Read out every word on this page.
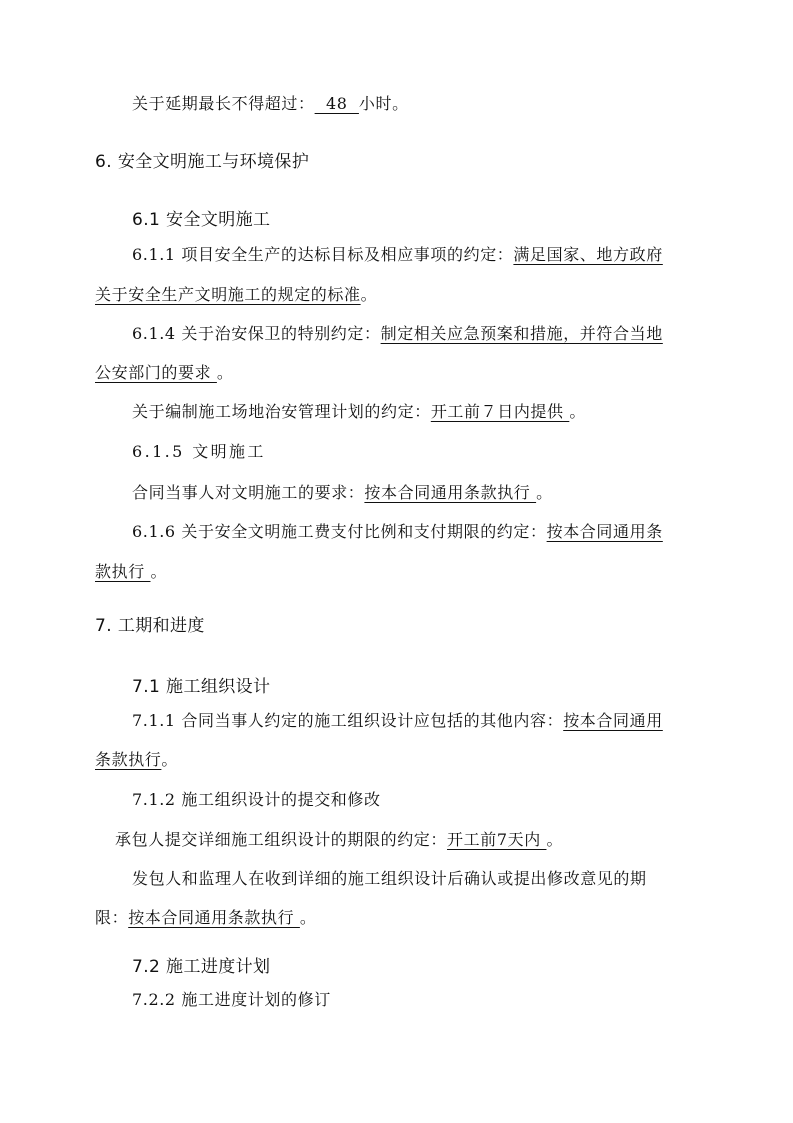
关于延期最长不得超过：  48  小时。
6. 安全文明施工与环境保护
6.1 安全文明施工
6.1.1 项目安全生产的达标目标及相应事项的约定：满足国家、地方政府
关于安全生产文明施工的规定的标准。
6.1.4 关于治安保卫的特别约定：制定相关应急预案和措施，并符合当地
公安部门的要求 。
关于编制施工场地治安管理计划的约定：开工前７日内提供 。
6.1.5 文明施工
合同当事人对文明施工的要求：按本合同通用条款执行 。
6.1.6 关于安全文明施工费支付比例和支付期限的约定：按本合同通用条
款执行 。
7. 工期和进度
7.1 施工组织设计
7.1.1 合同当事人约定的施工组织设计应包括的其他内容：按本合同通用
条款执行。
7.1.2 施工组织设计的提交和修改
承包人提交详细施工组织设计的期限的约定：开工前7天内 。
发包人和监理人在收到详细的施工组织设计后确认或提出修改意见的期
限：按本合同通用条款执行 。
7.2 施工进度计划
7.2.2 施工进度计划的修订
